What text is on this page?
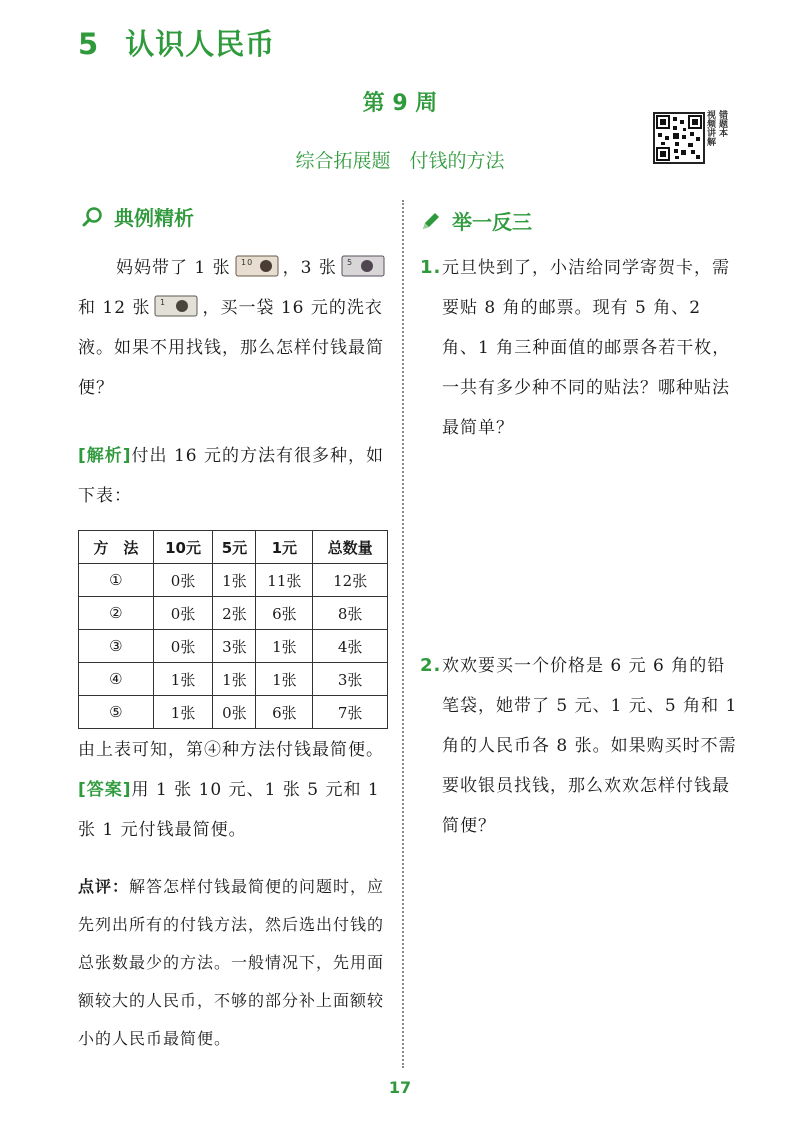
5 认识人民币
第 9 周
综合拓展题　付钱的方法
视频讲解 错题本
典例精析	举一反三
妈妈带了 1 张 10 ，3 张 5
和 12 张 1 ，买一袋 16 元的洗衣液。如果不用找钱，那么怎样付钱最简便？
[解析]付出 16 元的方法有很多种，如下表：
方　法	10元	5元	1元	总数量
①	0张	1张	11张	12张
②	0张	2张	6张	8张
③	0张	3张	1张	4张
④	1张	1张	1张	3张
⑤	1张	0张	6张	7张
由上表可知，第④种方法付钱最简便。
[答案]用 1 张 10 元、1 张 5 元和 1 张 1 元付钱最简便。
点评：解答怎样付钱最简便的问题时，应先列出所有的付钱方法，然后选出付钱的总张数最少的方法。一般情况下，先用面额较大的人民币，不够的部分补上面额较小的人民币最简便。
1. 元旦快到了，小洁给同学寄贺卡，需要贴 8 角的邮票。现有 5 角、2 角、1 角三种面值的邮票各若干枚，一共有多少种不同的贴法？哪种贴法最简单？
2. 欢欢要买一个价格是 6 元 6 角的铅笔袋，她带了 5 元、1 元、5 角和 1 角的人民币各 8 张。如果购买时不需要收银员找钱，那么欢欢怎样付钱最简便？
17
